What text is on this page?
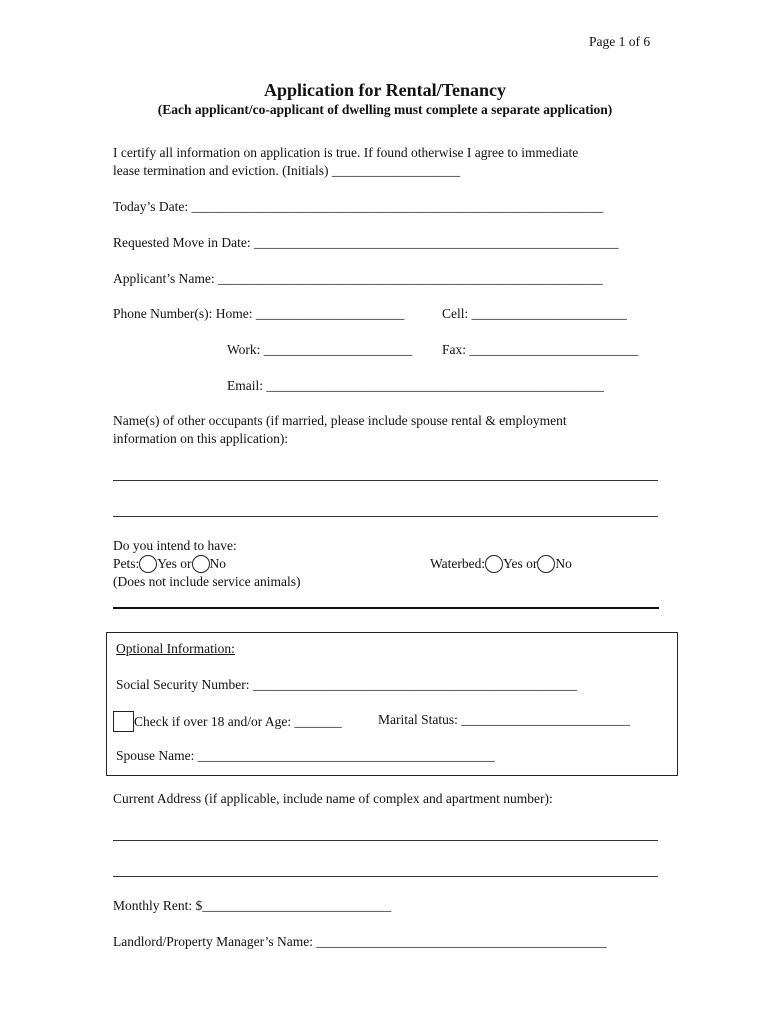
Page 1 of 6
Application for Rental/Tenancy
(Each applicant/co-applicant of dwelling must complete a separate application)
I certify all information on application is true. If found otherwise I agree to immediate
lease termination and eviction. (Initials) ___________________
Today’s Date: _____________________________________________________________
Requested Move in Date: ______________________________________________________
Applicant’s Name: _________________________________________________________
Phone Number(s): Home: ______________________	Cell: _______________________
Work: ______________________ Fax: _________________________
Email: __________________________________________________
Name(s) of other occupants (if married, please include spouse rental & employment
information on this application):
Do you intend to have:
Pets: Yes or No	Waterbed: Yes or No
(Does not include service animals)
Optional Information:
Social Security Number: ________________________________________________
Check if over 18 and/or Age: _______	Marital Status: _________________________
Spouse Name: ____________________________________________
Current Address (if applicable, include name of complex and apartment number):
Monthly Rent: $____________________________
Landlord/Property Manager’s Name: ___________________________________________
